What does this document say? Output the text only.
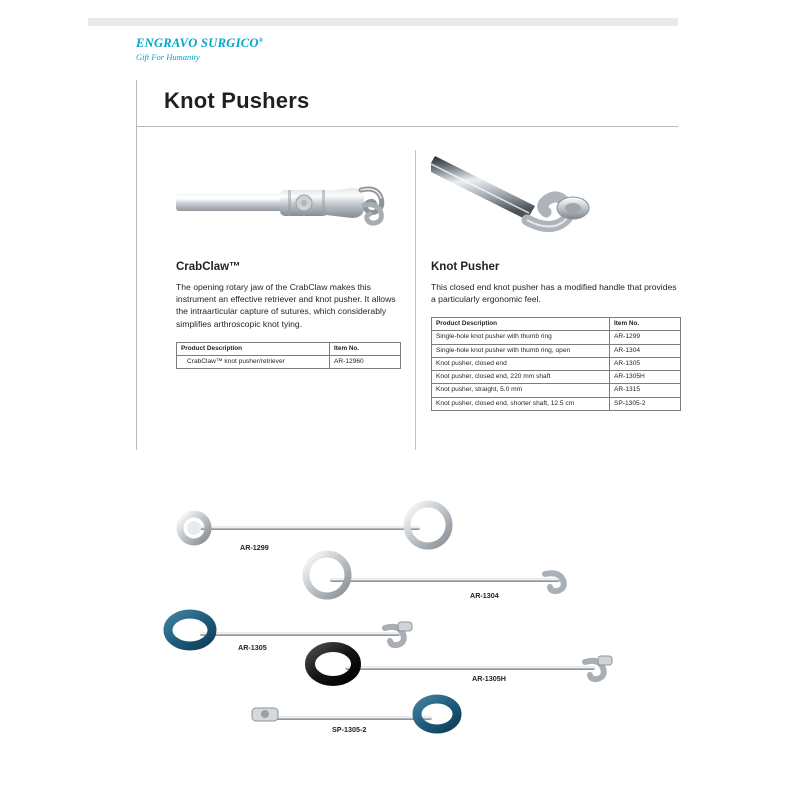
ENGRAVO SURGICO®
Gift For Humanity
Knot Pushers
CrabClaw™

The opening rotary jaw of the CrabClaw makes this instrument an effective retriever and knot pusher. It allows the intraarticular capture of sutures, which considerably simplifies arthroscopic knot tying.

Product Description	Item No.
CrabClaw™ knot pusher/retriever	AR-12960
Knot Pusher

This closed end knot pusher has a modified handle that provides a particularly ergonomic feel.

Product Description	Item No.
Single-hole knot pusher with thumb ring	AR-1299
Single-hole knot pusher with thumb ring, open	AR-1304
Knot pusher, closed end	AR-1305
Knot pusher, closed end, 220 mm shaft	AR-1305H
Knot pusher, straight, 5.0 mm	AR-1315
Knot pusher, closed end, shorter shaft, 12.5 cm	SP-1305-2
AR-1299
AR-1304
AR-1305
AR-1305H
SP-1305-2
